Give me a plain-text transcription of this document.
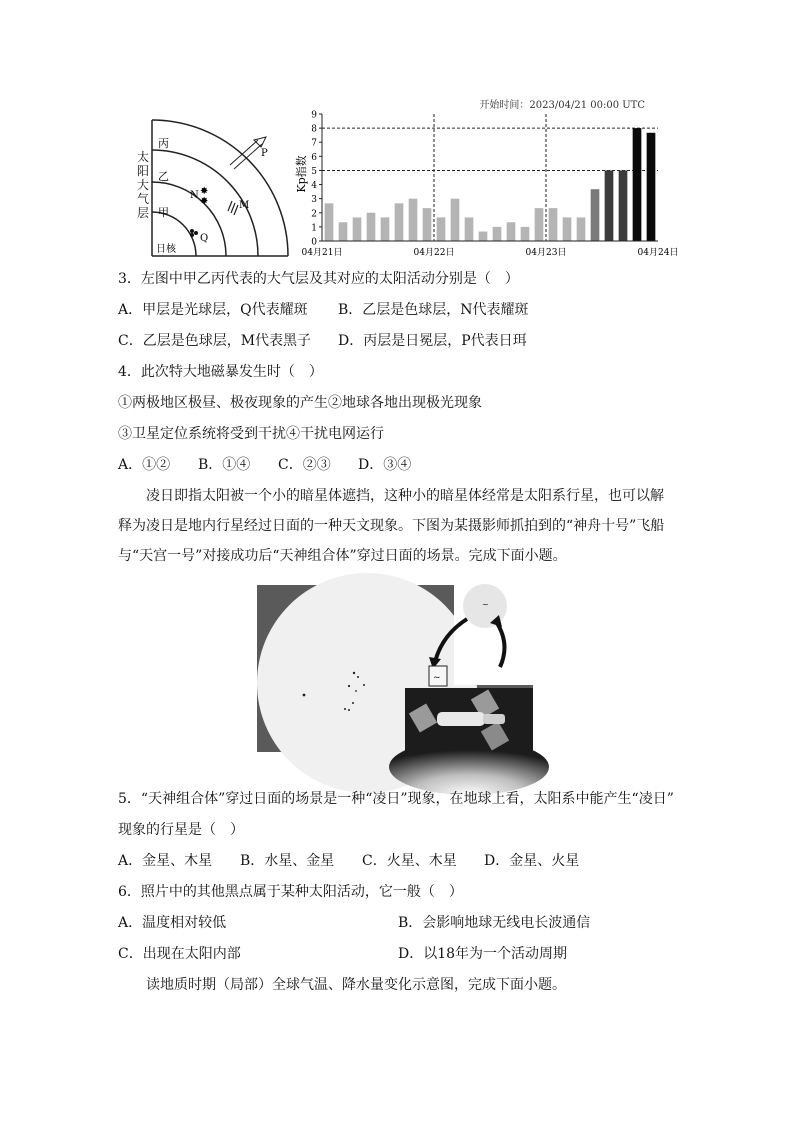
丙
乙
甲
日核
P
N ✸
✸	M
Q
太阳大气层
开始时间：2023/04/21 00:00 UTC
Kp指数
0
1
2
3
4
5
6
7
8
9
04月21日	04月22日	04月23日	04月24日
3．左图中甲乙丙代表的大气层及其对应的太阳活动分别是（　）
A．甲层是光球层，Q代表耀斑 B．乙层是色球层，N代表耀斑
C．乙层是色球层，M代表黑子 D．丙层是日冕层，P代表日珥
4．此次特大地磁暴发生时（　）
①两极地区极昼、极夜现象的产生②地球各地出现极光现象
③卫星定位系统将受到干扰④干扰电网运行
A．①② B．①④ C．②③ D．③④
凌日即指太阳被一个小的暗星体遮挡，这种小的暗星体经常是太阳系行星，也可以解释为凌日是地内行星经过日面的一种天文现象。下图为某摄影师抓拍到的“神舟十号”飞船与“天宫一号”对接成功后“天神组合体”穿过日面的场景。完成下面小题。
~
~
5．“天神组合体”穿过日面的场景是一种“凌日”现象，在地球上看，太阳系中能产生“凌日”
现象的行星是（　）
A．金星、木星 B．水星、金星 C．火星、木星 D．金星、火星
6．照片中的其他黑点属于某种太阳活动，它一般（　）
A．温度相对较低	B．会影响地球无线电长波通信
C．出现在太阳内部	D．以18年为一个活动周期
读地质时期（局部）全球气温、降水量变化示意图，完成下面小题。
